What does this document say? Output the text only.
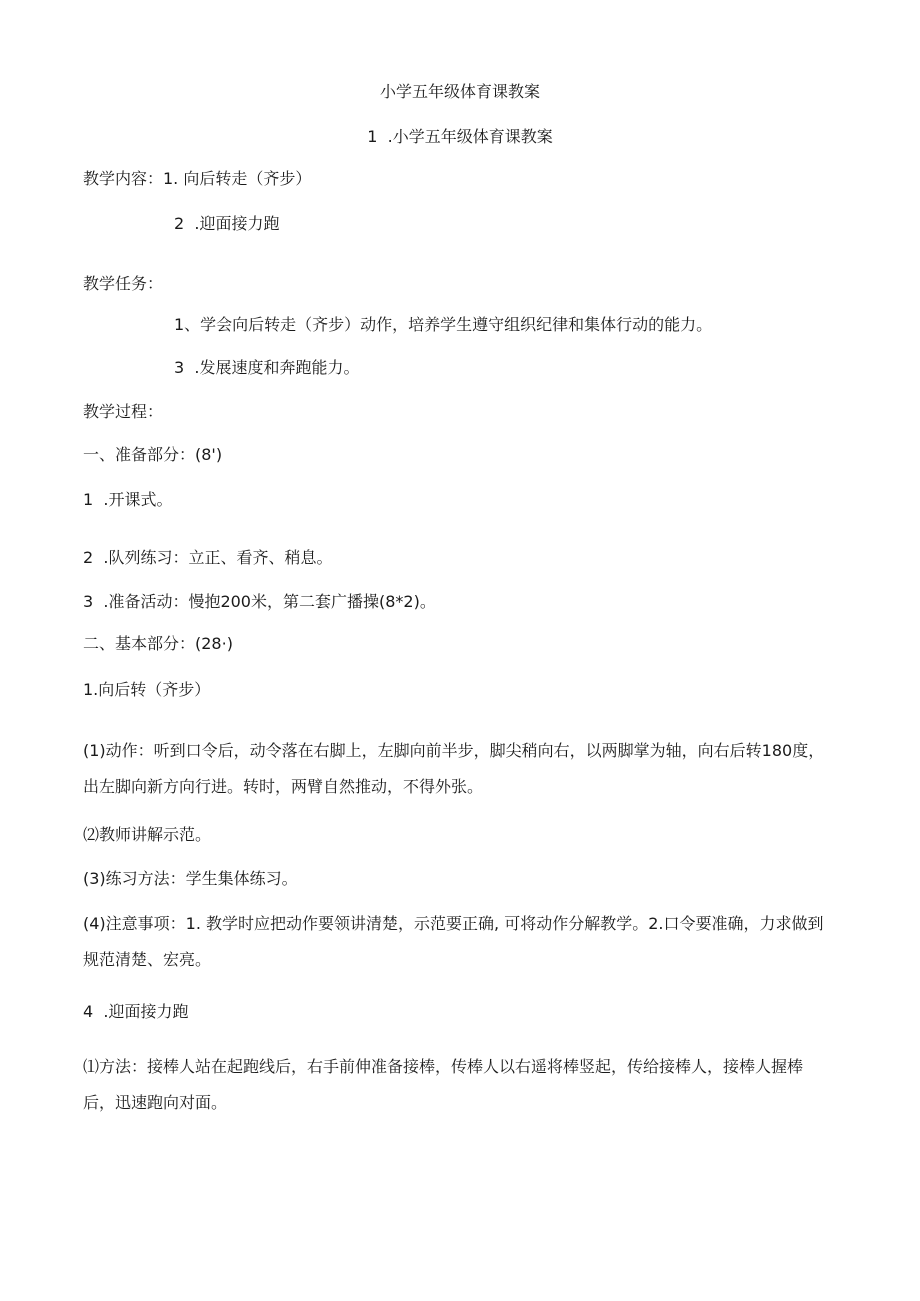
小学五年级体育课教案
1  .小学五年级体育课教案
教学内容：1. 向后转走（齐步）
2  .迎面接力跑
教学任务：
1、学会向后转走（齐步）动作，培养学生遵守组织纪律和集体行动的能力。
3  .发展速度和奔跑能力。
教学过程：
一、准备部分：(8')
1  .开课式。
2  .队列练习：立正、看齐、稍息。
3  .准备活动：慢抱200米，第二套广播操(8*2)。
二、基本部分：(28·)
1.向后转（齐步）
(1)动作：听到口令后，动令落在右脚上，左脚向前半步，脚尖稍向右，以两脚掌为轴，向右后转180度，出左脚向新方向行进。转时，两臂自然推动，不得外张。
⑵教师讲解示范。
(3)练习方法：学生集体练习。
(4)注意事项：1. 教学时应把动作要领讲清楚，示范要正确, 可将动作分解教学。2.口令要准确，力求做到规范清楚、宏亮。
4  .迎面接力跑
⑴方法：接棒人站在起跑线后，右手前伸准备接棒，传棒人以右遥将棒竖起，传给接棒人，接棒人握棒后，迅速跑向对面。
